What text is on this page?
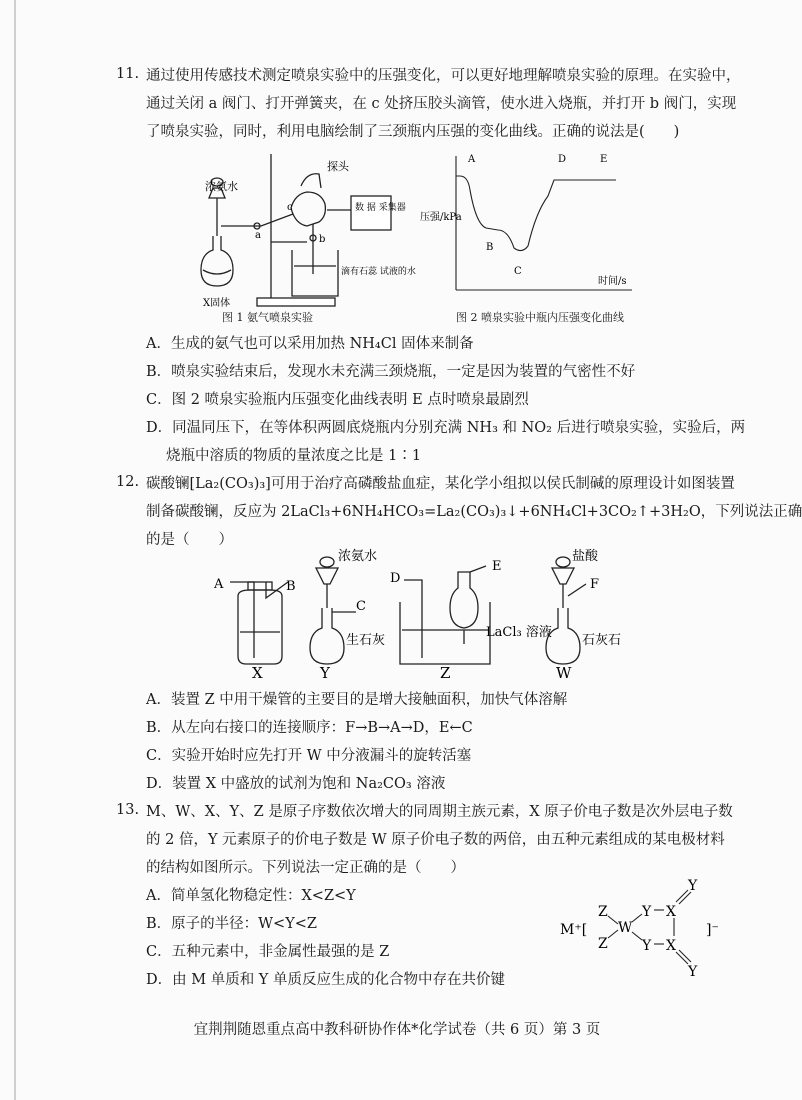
11. 通过使用传感技术测定喷泉实验中的压强变化，可以更好地理解喷泉实验的原理。在实验中，
通过关闭 a 阀门、打开弹簧夹，在 c 处挤压胶头滴管，使水进入烧瓶，并打开 b 阀门，实现
了喷泉实验，同时，利用电脑绘制了三颈瓶内压强的变化曲线。正确的说法是(　　)
浓氨水
探头
数 据 采集器
X固体
滴有石蕊 试液的水
a	b
c
图 1 氨气喷泉实验
压强/kPa
时间/s
A
B
C
D	E
图 2 喷泉实验中瓶内压强变化曲线
A．生成的氨气也可以采用加热 NH₄Cl 固体来制备
B．喷泉实验结束后，发现水未充满三颈烧瓶，一定是因为装置的气密性不好
C．图 2 喷泉实验瓶内压强变化曲线表明 E 点时喷泉最剧烈
D．同温同压下，在等体积两圆底烧瓶内分别充满 NH₃ 和 NO₂ 后进行喷泉实验，实验后，两
烧瓶中溶质的物质的量浓度之比是 1∶1
12. 碳酸镧[La₂(CO₃)₃]可用于治疗高磷酸盐血症，某化学小组拟以侯氏制碱的原理设计如图装置
制备碳酸镧，反应为 2LaCl₃+6NH₄HCO₃=La₂(CO₃)₃↓+6NH₄Cl+3CO₂↑+3H₂O，下列说法正确
的是（　　）
A	B
X
浓氨水
生石灰
C
Y
D
E
LaCl₃ 溶液
Z
盐酸
石灰石
F
W
A．装置 Z 中用干燥管的主要目的是增大接触面积，加快气体溶解
B．从左向右接口的连接顺序：F→B→A→D，E←C
C．实验开始时应先打开 W 中分液漏斗的旋转活塞
D．装置 X 中盛放的试剂为饱和 Na₂CO₃ 溶液
13. M、W、X、Y、Z 是原子序数依次增大的同周期主族元素，X 原子价电子数是次外层电子数
的 2 倍，Y 元素原子的价电子数是 W 原子价电子数的两倍，由五种元素组成的某电极材料
的结构如图所示。下列说法一定正确的是（　　）
A．简单氢化物稳定性：X<Z<Y
B．原子的半径：W<Y<Z
C．五种元素中，非金属性最强的是 Z
D．由 M 单质和 Y 单质反应生成的化合物中存在共价键
M⁺[
Z
Z
W
Y
Y
X
X
Y
Y
]⁻
宜荆荆随恩重点高中教科研协作体*化学试卷（共 6 页）第 3 页
